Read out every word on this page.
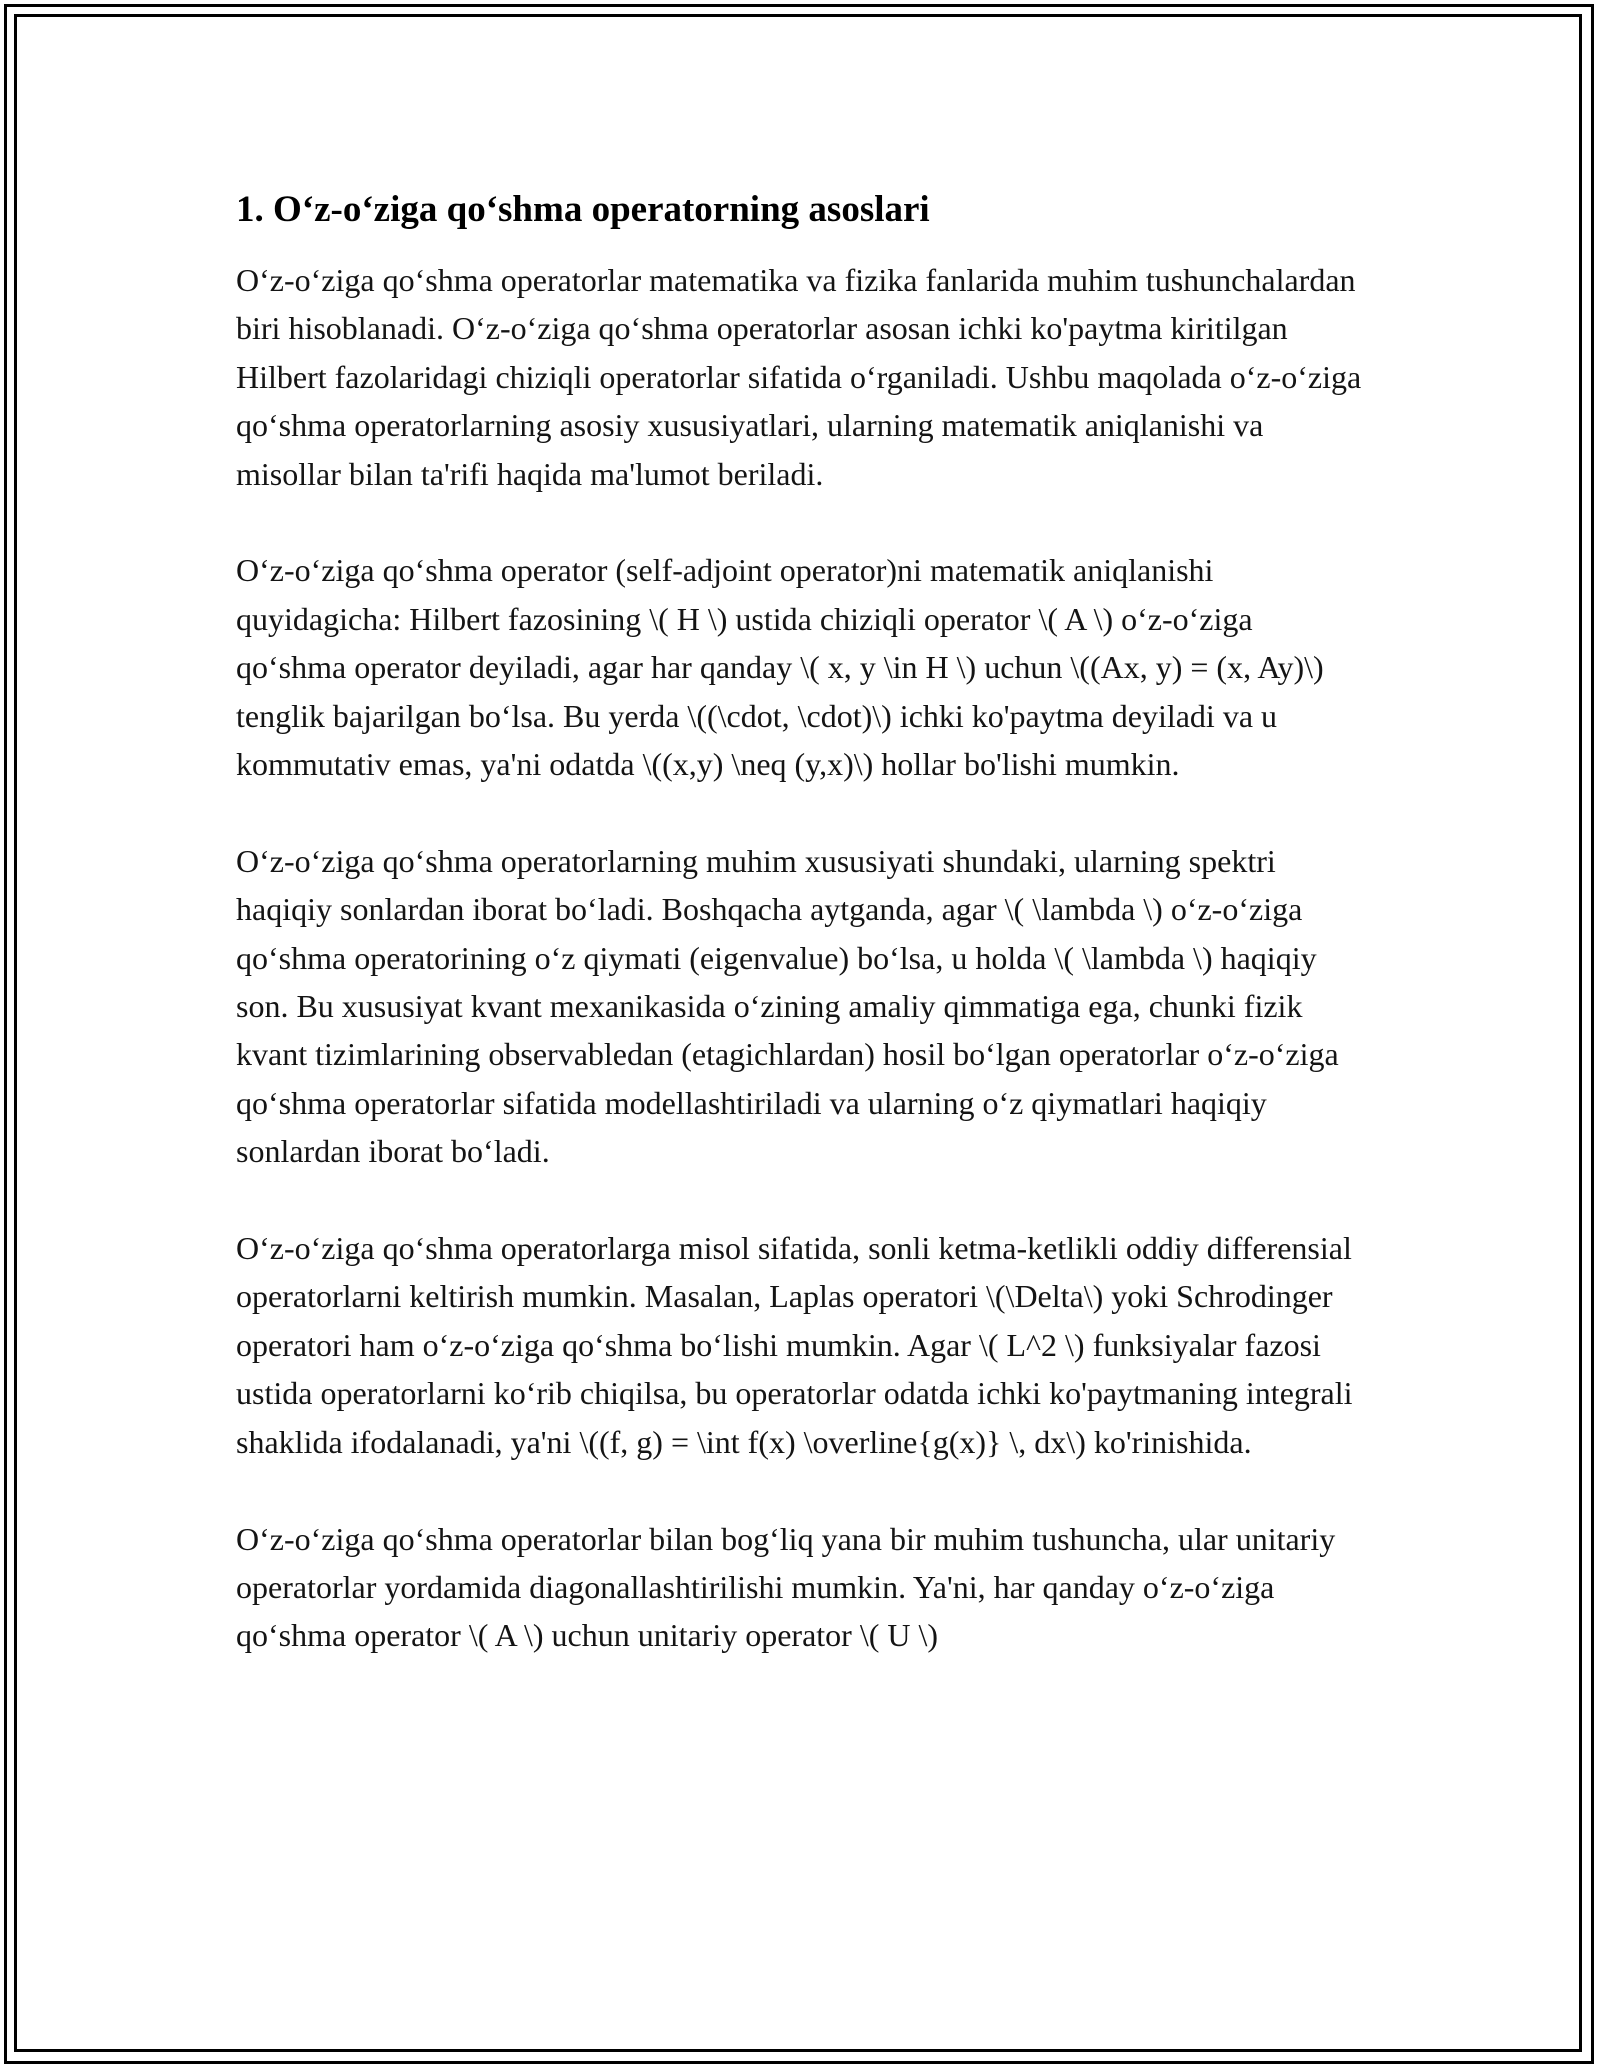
1. O‘z-o‘ziga qo‘shma operatorning asoslari

O‘z-o‘ziga qo‘shma operatorlar matematika va fizika fanlarida muhim tushunchalardan biri hisoblanadi. O‘z-o‘ziga qo‘shma operatorlar asosan ichki ko'paytma kiritilgan Hilbert fazolaridagi chiziqli operatorlar sifatida o‘rganiladi. Ushbu maqolada o‘z-o‘ziga qo‘shma operatorlarning asosiy xususiyatlari, ularning matematik aniqlanishi va misollar bilan ta'rifi haqida ma'lumot beriladi.

O‘z-o‘ziga qo‘shma operator (self-adjoint operator)ni matematik aniqlanishi quyidagicha: Hilbert fazosining \( H \) ustida chiziqli operator \( A \) o‘z-o‘ziga qo‘shma operator deyiladi, agar har qanday \( x, y \in H \) uchun \((Ax, y) = (x, Ay)\) tenglik bajarilgan bo‘lsa. Bu yerda \((\cdot, \cdot)\) ichki ko'paytma deyiladi va u kommutativ emas, ya'ni odatda \((x,y) \neq (y,x)\) hollar bo'lishi mumkin.

O‘z-o‘ziga qo‘shma operatorlarning muhim xususiyati shundaki, ularning spektri haqiqiy sonlardan iborat bo‘ladi. Boshqacha aytganda, agar \( \lambda \) o‘z-o‘ziga qo‘shma operatorining o‘z qiymati (eigenvalue) bo‘lsa, u holda \( \lambda \) haqiqiy son. Bu xususiyat kvant mexanikasida o‘zining amaliy qimmatiga ega, chunki fizik kvant tizimlarining observabledan (etagichlardan) hosil bo‘lgan operatorlar o‘z-o‘ziga qo‘shma operatorlar sifatida modellashtiriladi va ularning o‘z qiymatlari haqiqiy sonlardan iborat bo‘ladi.

O‘z-o‘ziga qo‘shma operatorlarga misol sifatida, sonli ketma-ketlikli oddiy differensial operatorlarni keltirish mumkin. Masalan, Laplas operatori \(\Delta\) yoki Schrodinger operatori ham o‘z-o‘ziga qo‘shma bo‘lishi mumkin. Agar \( L^2 \) funksiyalar fazosi ustida operatorlarni ko‘rib chiqilsa, bu operatorlar odatda ichki ko'paytmaning integrali shaklida ifodalanadi, ya'ni \((f, g) = \int f(x) \overline{g(x)} \, dx\) ko'rinishida.

O‘z-o‘ziga qo‘shma operatorlar bilan bog‘liq yana bir muhim tushuncha, ular unitariy operatorlar yordamida diagonallashtirilishi mumkin. Ya'ni, har qanday o‘z-o‘ziga qo‘shma operator \( A \) uchun unitariy operator \( U \)
